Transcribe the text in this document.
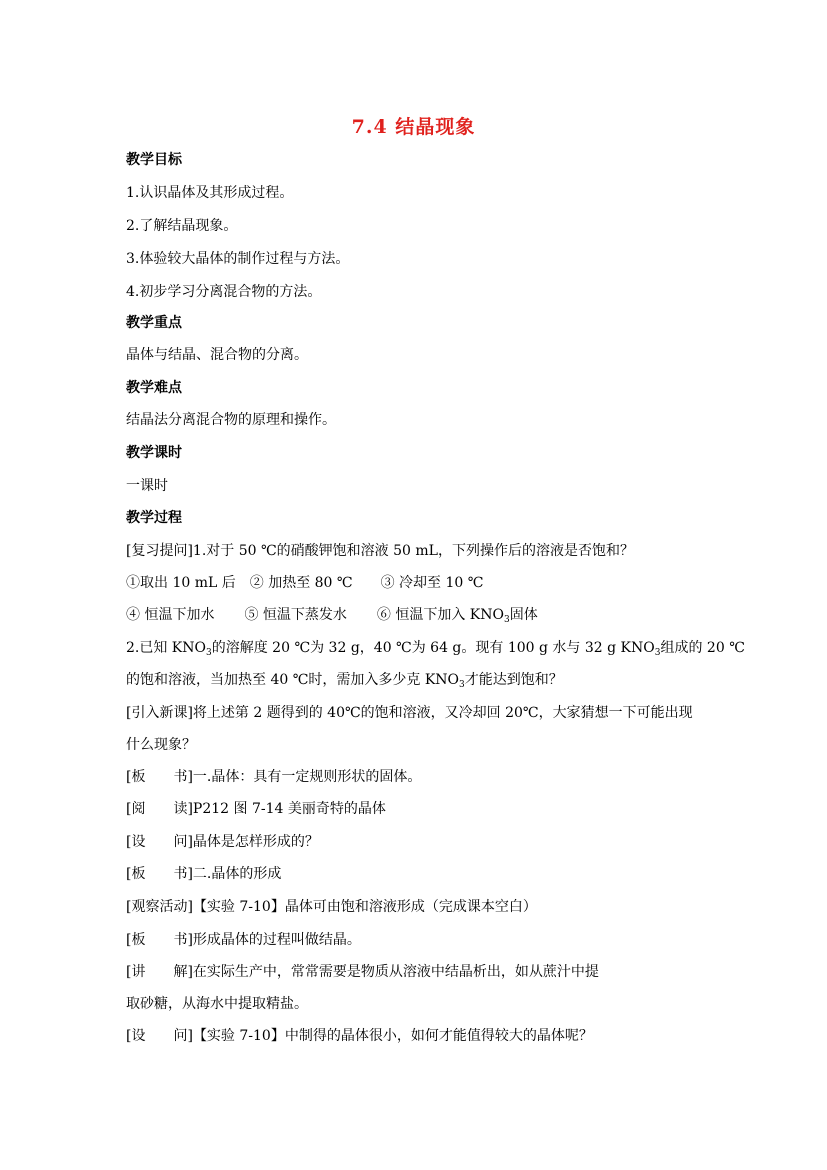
7.4 结晶现象
教学目标
1.认识晶体及其形成过程。
2.了解结晶现象。
3.体验较大晶体的制作过程与方法。
4.初步学习分离混合物的方法。
教学重点
晶体与结晶、混合物的分离。
教学难点
结晶法分离混合物的原理和操作。
教学课时
一课时
教学过程
[复习提问]1.对于 50 ℃的硝酸钾饱和溶液 50 mL，下列操作后的溶液是否饱和？
①取出 10 mL 后 ② 加热至 80 ℃ ③ 冷却至 10 ℃
④ 恒温下加水 ⑤ 恒温下蒸发水 ⑥ 恒温下加入 $KNO_3$固体
2.已知 $KNO_3$的溶解度 20 ℃为 32 g，40 ℃为 64 g。现有 100 g 水与 32 g $KNO_3$组成的 20 ℃
的饱和溶液，当加热至 40 ℃时，需加入多少克 $KNO_3$才能达到饱和？
[引入新课]将上述第 2 题得到的 40℃的饱和溶液，又冷却回 20℃，大家猜想一下可能出现
什么现象？
[板　　书]一.晶体：具有一定规则形状的固体。
[阅　　读]P212 图 7-14 美丽奇特的晶体
[设　　问]晶体是怎样形成的？
[板　　书]二.晶体的形成
[观察活动]【实验 7-10】晶体可由饱和溶液形成（完成课本空白）
[板　　书]形成晶体的过程叫做结晶。
[讲　　解]在实际生产中，常常需要是物质从溶液中结晶析出，如从蔗汁中提
取砂糖，从海水中提取精盐。
[设　　问]【实验 7-10】中制得的晶体很小，如何才能值得较大的晶体呢？
